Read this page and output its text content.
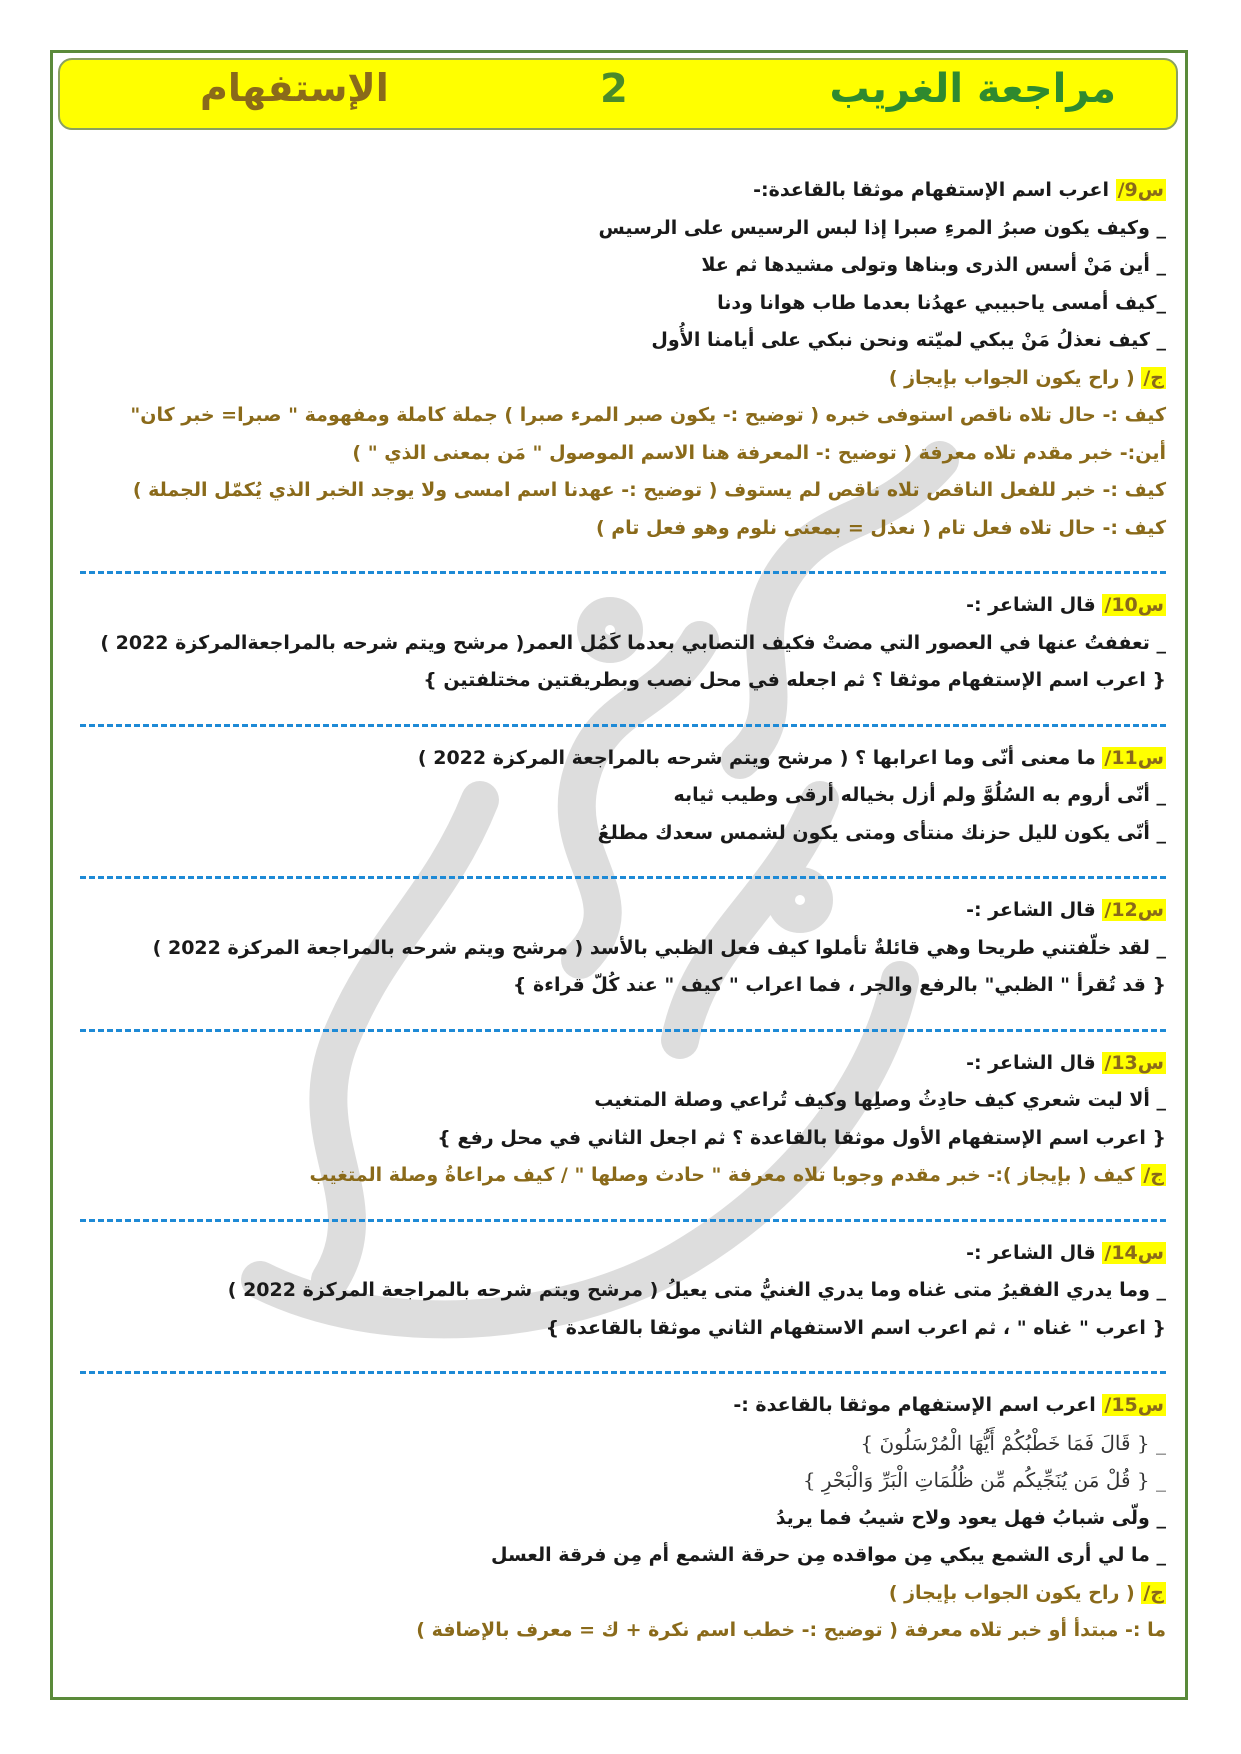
مراجعة الغريب
2
الإستفهام
س9/ اعرب اسم الإستفهام موثقا بالقاعدة:-
_ وكيف يكون صبرُ المرءِ صبرا إذا لبس الرسيس على الرسيس
_ أين مَنْ أسس الذرى وبناها وتولى مشيدها ثم علا
_كيف أمسى ياحبيبي عهدُنا بعدما طاب هوانا ودنا
_ كيف نعذلُ مَنْ يبكي لميّته ونحن نبكي على أيامنا الأُول
ج/ ( راح يكون الجواب بإيجاز )
كيف :- حال تلاه ناقص استوفى خبره ( توضيح :- يكون صبر المرء صبرا ) جملة كاملة ومفهومة " صبرا= خبر كان"
أين:- خبر مقدم تلاه معرفة ( توضيح :- المعرفة هنا الاسم الموصول " مَن بمعنى الذي " )
كيف :- خبر للفعل الناقص تلاه ناقص لم يستوف ( توضيح :- عهدنا اسم امسى ولا يوجد الخبر الذي يُكمّل الجملة )
كيف :- حال تلاه فعل تام ( نعذل = بمعنى نلوم وهو فعل تام )
س10/ قال الشاعر :-
_ تعففتُ عنها في العصور التي مضتْ فكيف التصابي بعدما كَمُل العمر( مرشح ويتم شرحه بالمراجعةالمركزة 2022 )
{ اعرب اسم الإستفهام موثقا ؟ ثم اجعله في محل نصب وبطريقتين مختلفتين }
س11/ ما معنى أنّى وما اعرابها ؟ ( مرشح ويتم شرحه بالمراجعة المركزة 2022 )
_ أنّى أروم به السُلُوَّ ولم أزل بخياله أرقى وطيب ثيابه
_ أنّى يكون لليل حزنك منتأى ومتى يكون لشمس سعدك مطلعُ
س12/ قال الشاعر :-
_ لقد خلّفتني طريحا وهي قائلةٌ تأملوا كيف فعل الظبي بالأسد ( مرشح ويتم شرحه بالمراجعة المركزة 2022 )
{ قد تُقرأ " الظبي" بالرفع والجر ، فما اعراب " كيف " عند كُلّ قراءة }
س13/ قال الشاعر :-
_ ألا ليت شعري كيف حادِثُ وصلِها وكيف تُراعي وصلة المتغيب
{ اعرب اسم الإستفهام الأول موثقا بالقاعدة ؟ ثم اجعل الثاني في محل رفع }
ج/ كيف ( بإيجاز ):- خبر مقدم وجوبا تلاه معرفة " حادث وصلها " / كيف مراعاةُ وصلة المتغيب
س14/ قال الشاعر :-
_ وما يدري الفقيرُ متى غناه وما يدري الغنيُّ متى يعيلُ ( مرشح ويتم شرحه بالمراجعة المركزة 2022 )
{ اعرب " غناه " ، ثم اعرب اسم الاستفهام الثاني موثقا بالقاعدة }
س15/ اعرب اسم الإستفهام موثقا بالقاعدة :-
_ { قَالَ فَمَا خَطْبُكُمْ أَيُّهَا الْمُرْسَلُونَ }
_ { قُلْ مَن يُنَجِّيكُم مِّن ظُلُمَاتِ الْبَرِّ وَالْبَحْرِ }
_ ولّى شبابُ فهل يعود ولاح شيبُ فما يريدُ
_ ما لي أرى الشمع يبكي مِن مواقده مِن حرقة الشمع أم مِن فرقة العسل
ج/ ( راح يكون الجواب بإيجاز )
ما :- مبتدأ أو خبر تلاه معرفة ( توضيح :- خطب اسم نكرة + ك = معرف بالإضافة )
